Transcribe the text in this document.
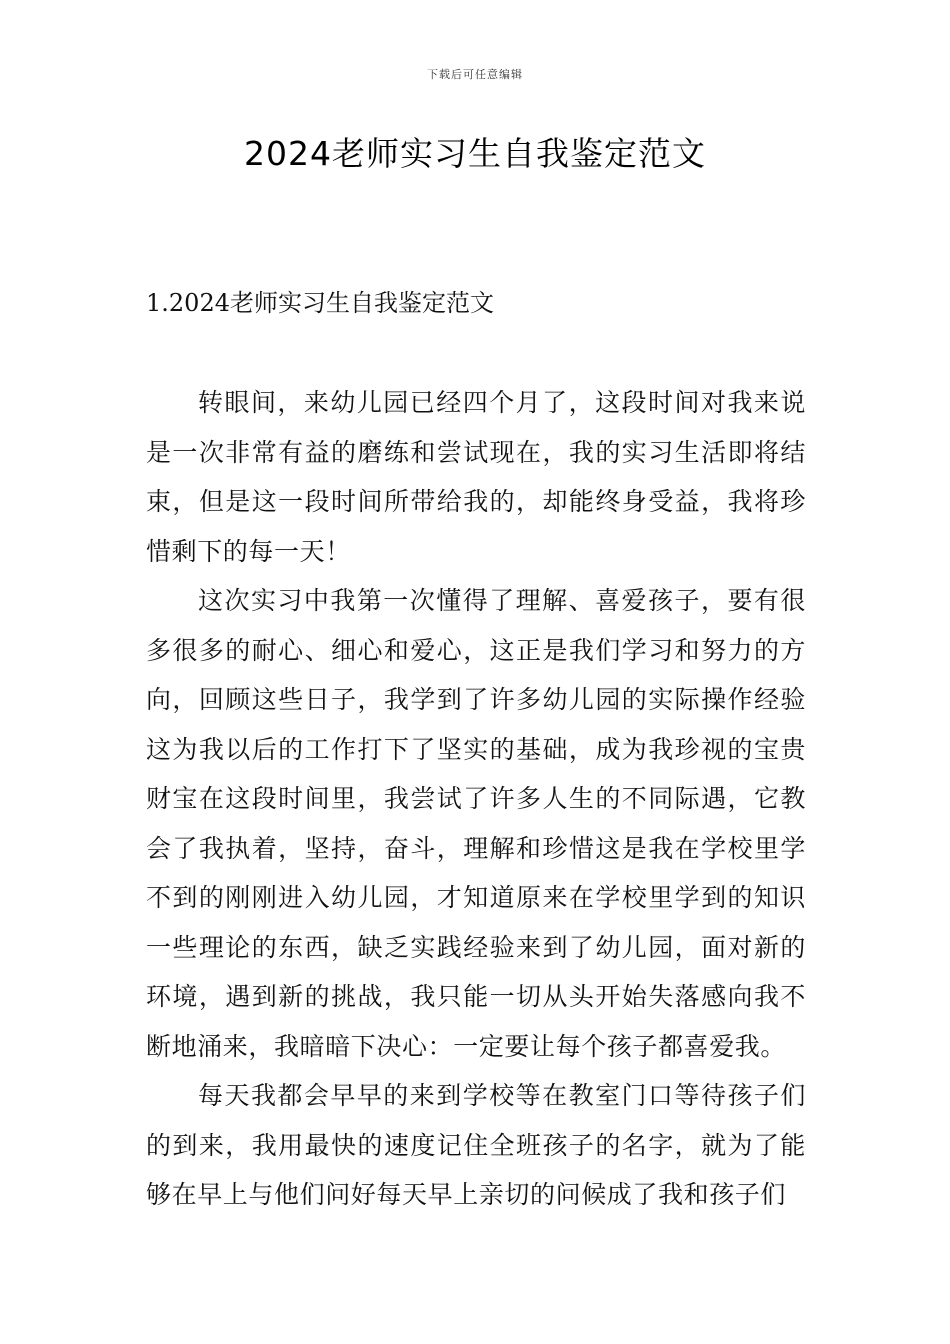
下载后可任意编辑
2024老师实习生自我鉴定范文
1.2024老师实习生自我鉴定范文

转眼间，来幼儿园已经四个月了，这段时间对我来说是一次非常有益的磨练和尝试现在，我的实习生活即将结束，但是这一段时间所带给我的，却能终身受益，我将珍惜剩下的每一天！

这次实习中我第一次懂得了理解、喜爱孩子，要有很多很多的耐心、细心和爱心，这正是我们学习和努力的方向，回顾这些日子，我学到了许多幼儿园的实际操作经验这为我以后的工作打下了坚实的基础，成为我珍视的宝贵财宝在这段时间里，我尝试了许多人生的不同际遇，它教会了我执着，坚持，奋斗，理解和珍惜这是我在学校里学不到的刚刚进入幼儿园，才知道原来在学校里学到的知识一些理论的东西，缺乏实践经验来到了幼儿园，面对新的环境，遇到新的挑战，我只能一切从头开始失落感向我不断地涌来，我暗暗下决心：一定要让每个孩子都喜爱我。

每天我都会早早的来到学校等在教室门口等待孩子们的到来，我用最快的速度记住全班孩子的名字，就为了能够在早上与他们问好每天早上亲切的问候成了我和孩子们
